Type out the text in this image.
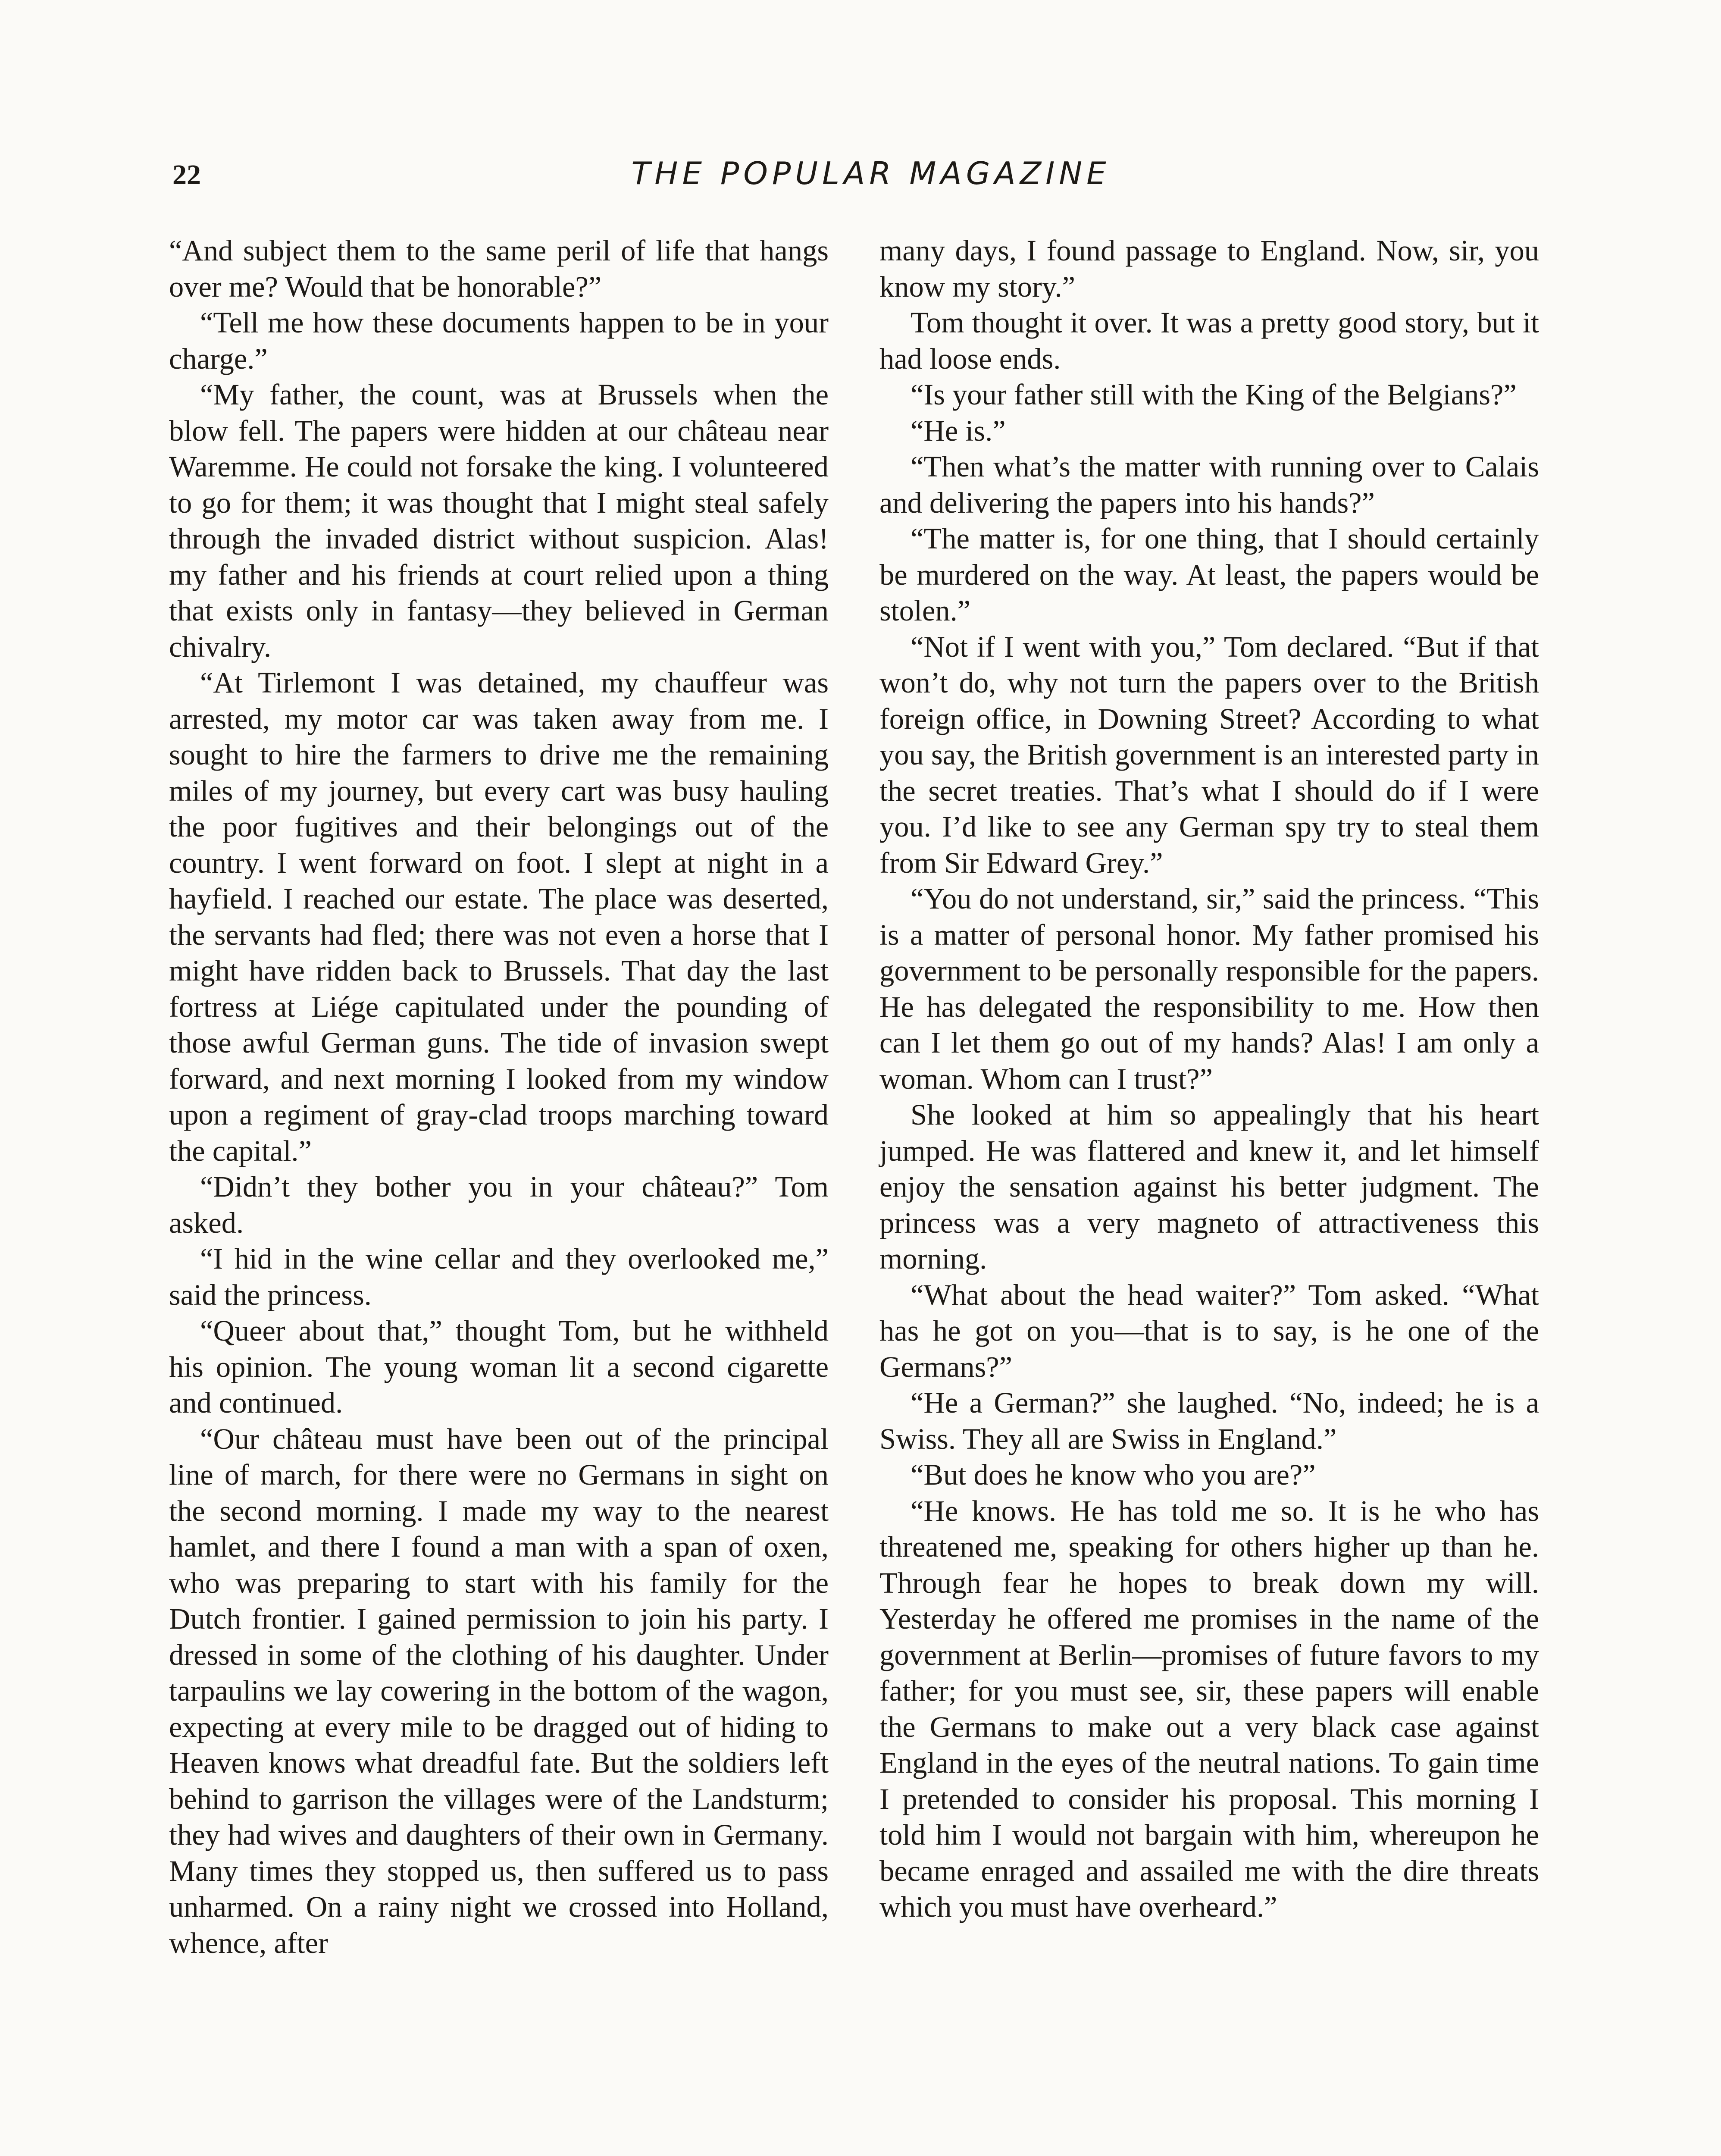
22	THE POPULAR MAGAZINE

“And subject them to the same peril of life that hangs over me? Would that be honorable?”

“Tell me how these documents happen to be in your charge.”

“My father, the count, was at Brussels when the blow fell. The papers were hidden at our château near Waremme. He could not forsake the king. I volunteered to go for them; it was thought that I might steal safely through the invaded district without suspicion. Alas! my father and his friends at court relied upon a thing that exists only in fantasy—they believed in German chivalry.

“At Tirlemont I was detained, my chauffeur was arrested, my motor car was taken away from me. I sought to hire the farmers to drive me the remaining miles of my journey, but every cart was busy hauling the poor fugitives and their belongings out of the country. I went forward on foot. I slept at night in a hayfield. I reached our estate. The place was deserted, the servants had fled; there was not even a horse that I might have ridden back to Brussels. That day the last fortress at Liége capitulated under the pounding of those awful German guns. The tide of invasion swept forward, and next morning I looked from my window upon a regiment of gray-clad troops marching toward the capital.”

“Didn’t they bother you in your château?” Tom asked.

“I hid in the wine cellar and they overlooked me,” said the princess.

“Queer about that,” thought Tom, but he withheld his opinion. The young woman lit a second cigarette and continued.

“Our château must have been out of the principal line of march, for there were no Germans in sight on the second morning. I made my way to the nearest hamlet, and there I found a man with a span of oxen, who was preparing to start with his family for the Dutch frontier. I gained permission to join his party. I dressed in some of the clothing of his daughter. Under tarpaulins we lay cowering in the bottom of the wagon, expecting at every mile to be dragged out of hiding to Heaven knows what dreadful fate. But the soldiers left behind to garrison the villages were of the Landsturm; they had wives and daughters of their own in Germany. Many times they stopped us, then suffered us to pass unharmed. On a rainy night we crossed into Holland, whence, after

many days, I found passage to England. Now, sir, you know my story.”

Tom thought it over. It was a pretty good story, but it had loose ends.

“Is your father still with the King of the Belgians?”

“He is.”

“Then what’s the matter with running over to Calais and delivering the papers into his hands?”

“The matter is, for one thing, that I should certainly be murdered on the way. At least, the papers would be stolen.”

“Not if I went with you,” Tom declared. “But if that won’t do, why not turn the papers over to the British foreign office, in Downing Street? According to what you say, the British government is an interested party in the secret treaties. That’s what I should do if I were you. I’d like to see any German spy try to steal them from Sir Edward Grey.”

“You do not understand, sir,” said the princess. “This is a matter of personal honor. My father promised his government to be personally responsible for the papers. He has delegated the responsibility to me. How then can I let them go out of my hands? Alas! I am only a woman. Whom can I trust?”

She looked at him so appealingly that his heart jumped. He was flattered and knew it, and let himself enjoy the sensation against his better judgment. The princess was a very magneto of attractiveness this morning.

“What about the head waiter?” Tom asked. “What has he got on you—that is to say, is he one of the Germans?”

“He a German?” she laughed. “No, indeed; he is a Swiss. They all are Swiss in England.”

“But does he know who you are?”

“He knows. He has told me so. It is he who has threatened me, speaking for others higher up than he. Through fear he hopes to break down my will. Yesterday he offered me promises in the name of the government at Berlin—promises of future favors to my father; for you must see, sir, these papers will enable the Germans to make out a very black case against England in the eyes of the neutral nations. To gain time I pretended to consider his proposal. This morning I told him I would not bargain with him, whereupon he became enraged and assailed me with the dire threats which you must have overheard.”
